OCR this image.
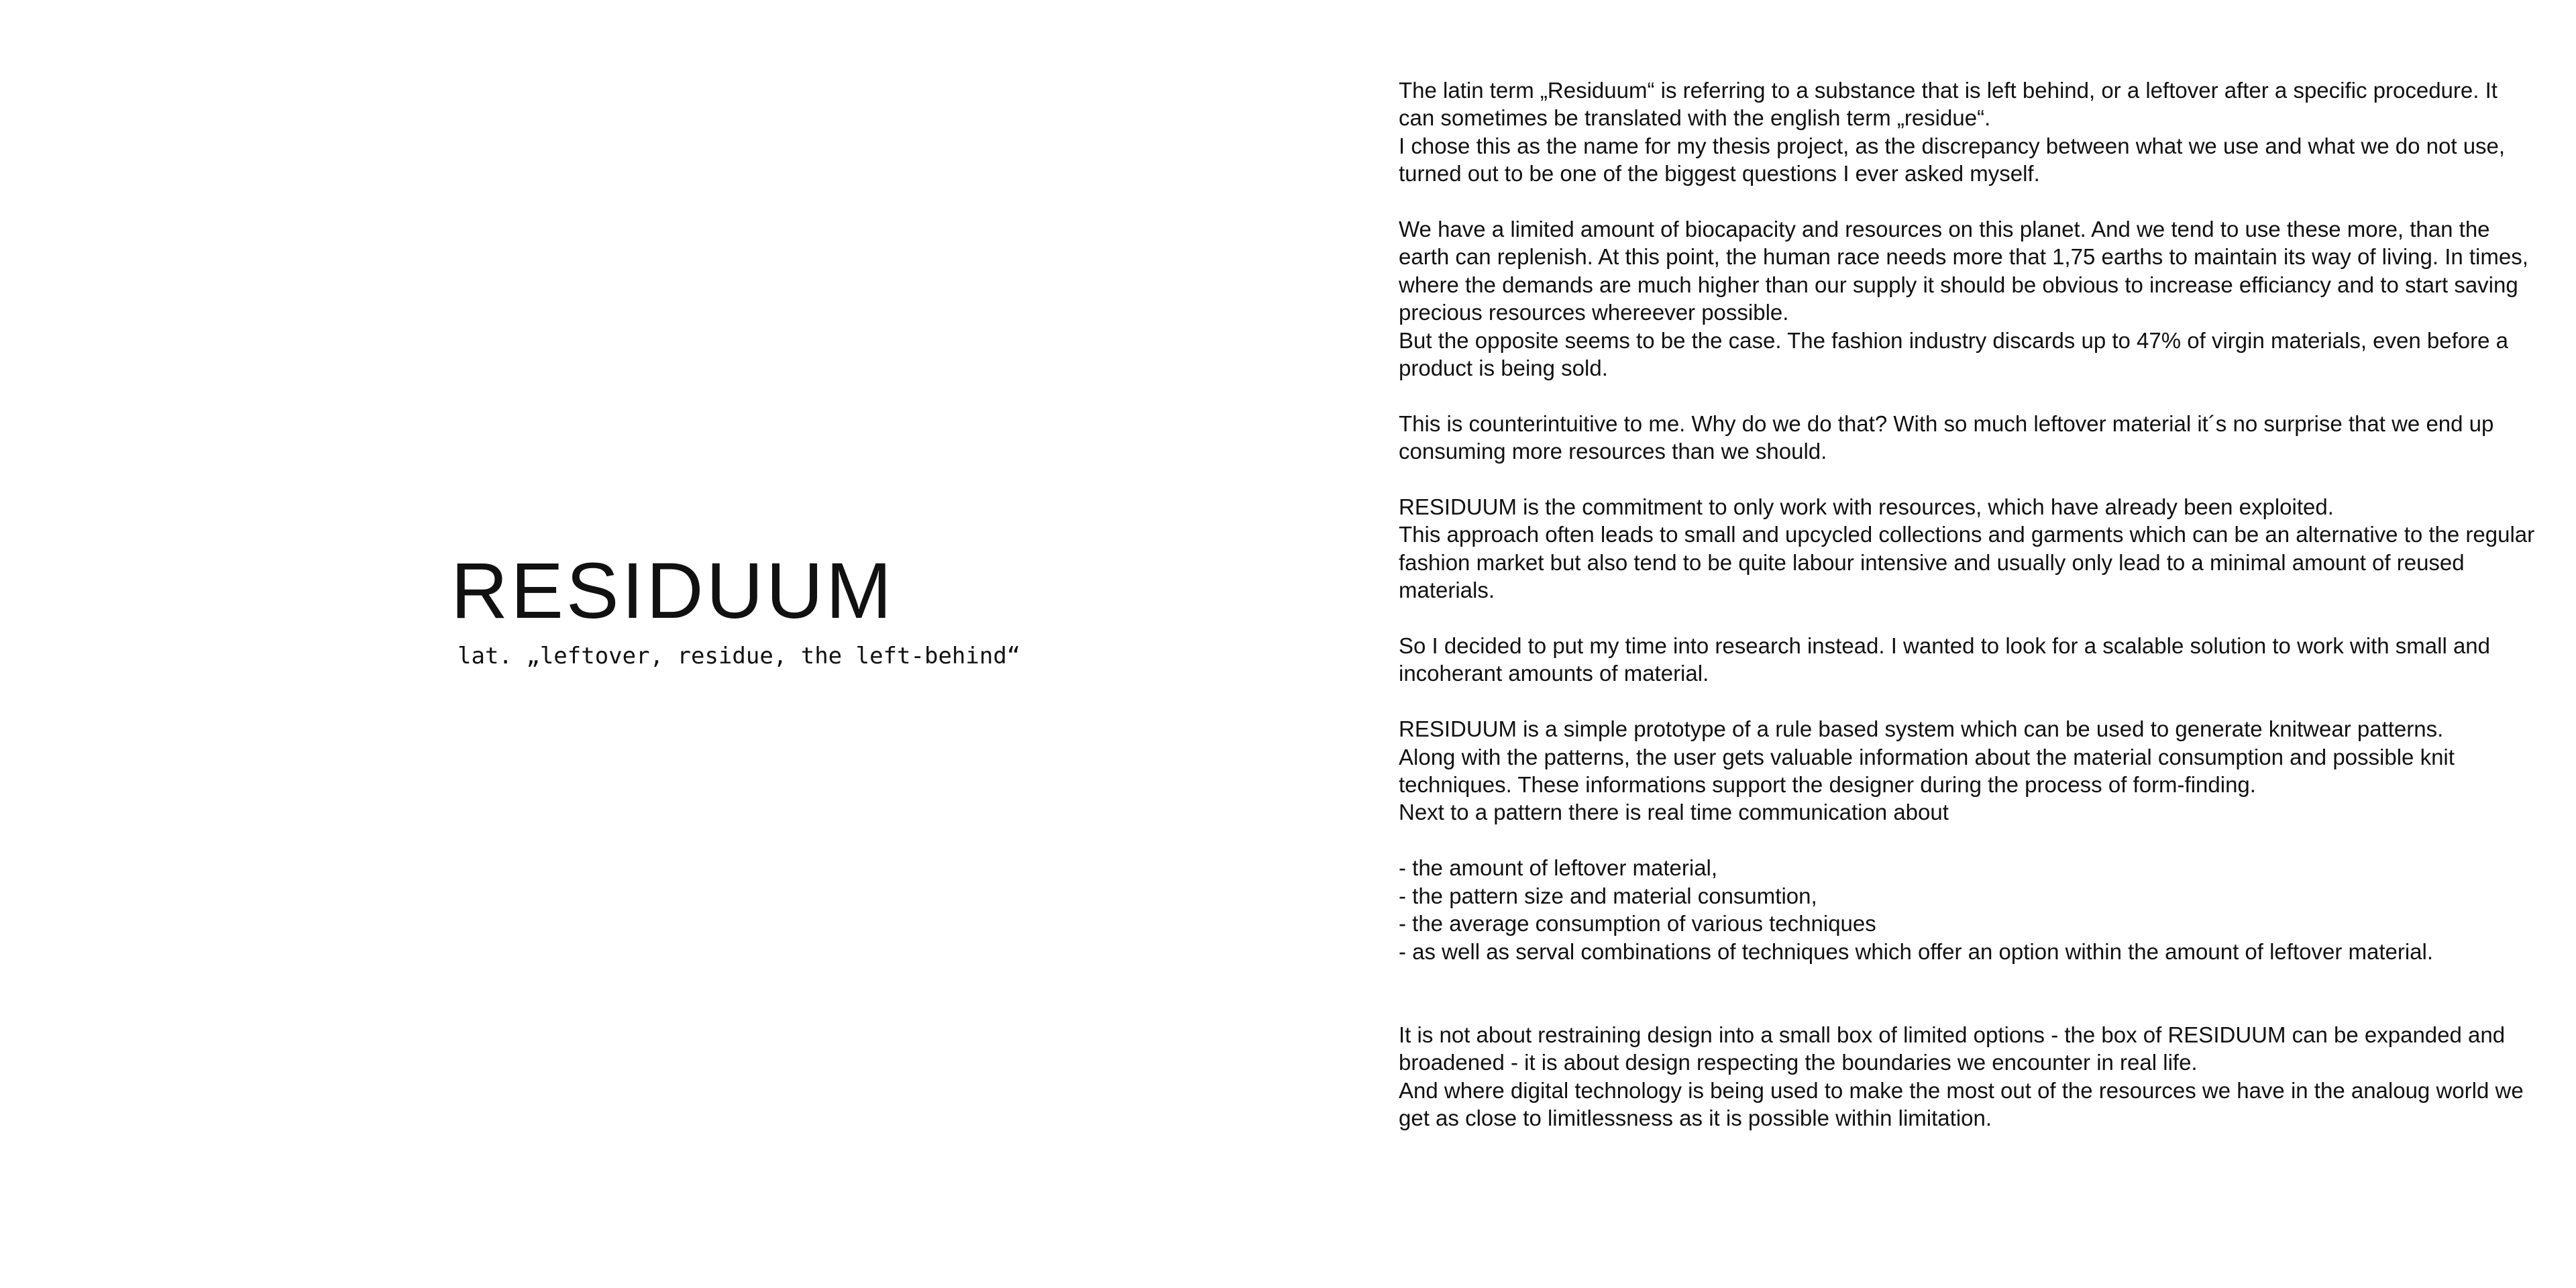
RESIDUUM
lat. „leftover, residue, the left-behind“

The latin term „Residuum“ is referring to a substance that is left behind, or a leftover after a specific procedure. It can sometimes be translated with the english term „residue“.
I chose this as the name for my thesis project, as the discrepancy between what we use and what we do not use, turned out to be one of the biggest questions I ever asked myself.

We have a limited amount of biocapacity and resources on this planet. And we tend to use these more, than the earth can replenish. At this point, the human race needs more that 1,75 earths to maintain its way of living. In times, where the demands are much higher than our supply it should be obvious to increase efficiancy and to start saving precious resources whereever possible.
But the opposite seems to be the case. The fashion industry discards up to 47% of virgin materials, even before a product is being sold.

This is counterintuitive to me. Why do we do that? With so much leftover material it´s no surprise that we end up consuming more resources than we should.

RESIDUUM is the commitment to only work with resources, which have already been exploited.
This approach often leads to small and upcycled collections and garments which can be an alternative to the regular fashion market but also tend to be quite labour intensive and usually only lead to a minimal amount of reused materials.

So I decided to put my time into research instead. I wanted to look for a scalable solution to work with small and incoherant amounts of material.

RESIDUUM is a simple prototype of a rule based system which can be used to generate knitwear patterns.
Along with the patterns, the user gets valuable information about the material consumption and possible knit techniques. These informations support the designer during the process of form-finding.
Next to a pattern there is real time communication about

- the amount of leftover material,
- the pattern size and material consumtion,
- the average consumption of various techniques
- as well as serval combinations of techniques which offer an option within the amount of leftover material.

It is not about restraining design into a small box of limited options - the box of RESIDUUM can be expanded and broadened - it is about design respecting the boundaries we encounter in real life.
And where digital technology is being used to make the most out of the resources we have in the analoug world we get as close to limitlessness as it is possible within limitation.
